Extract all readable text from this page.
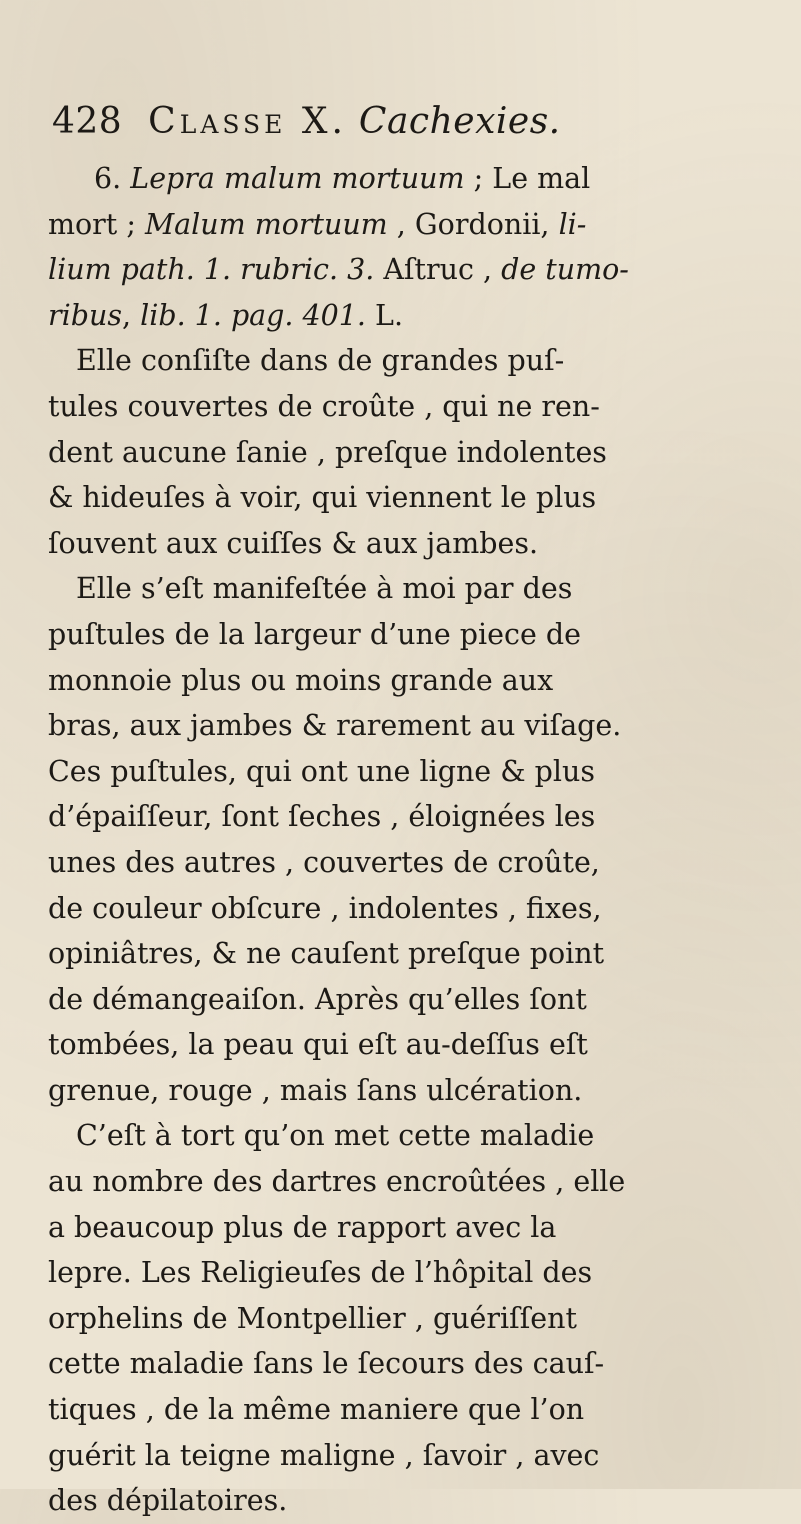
428 Classe X. Cachexies.
6. Lepra malum mortuum ; Le mal
mort ; Malum mortuum , Gordonii, li-
lium path. 1. rubric. 3. Aſtruc , de tumo-
ribus, lib. 1. pag. 401. L.
Elle conſiſte dans de grandes puſ-
tules couvertes de croûte , qui ne ren-
dent aucune ſanie , preſque indolentes
& hideuſes à voir, qui viennent le plus
ſouvent aux cuiſſes & aux jambes.
Elle s’eſt manifeſtée à moi par des
puſtules de la largeur d’une piece de
monnoie plus ou moins grande aux
bras, aux jambes & rarement au viſage.
Ces puſtules, qui ont une ligne & plus
d’épaiſſeur, ſont ſeches , éloignées les
unes des autres , couvertes de croûte,
de couleur obſcure , indolentes , fixes,
opiniâtres, & ne cauſent preſque point
de démangeaiſon. Après qu’elles ſont
tombées, la peau qui eſt au-deſſus eſt
grenue, rouge , mais ſans ulcération.
C’eſt à tort qu’on met cette maladie
au nombre des dartres encroûtées , elle
a beaucoup plus de rapport avec la
lepre. Les Religieuſes de l’hôpital des
orphelins de Montpellier , guériſſent
cette maladie ſans le ſecours des cauſ-
tiques , de la même maniere que l’on
guérit la teigne maligne , ſavoir , avec
des dépilatoires.
